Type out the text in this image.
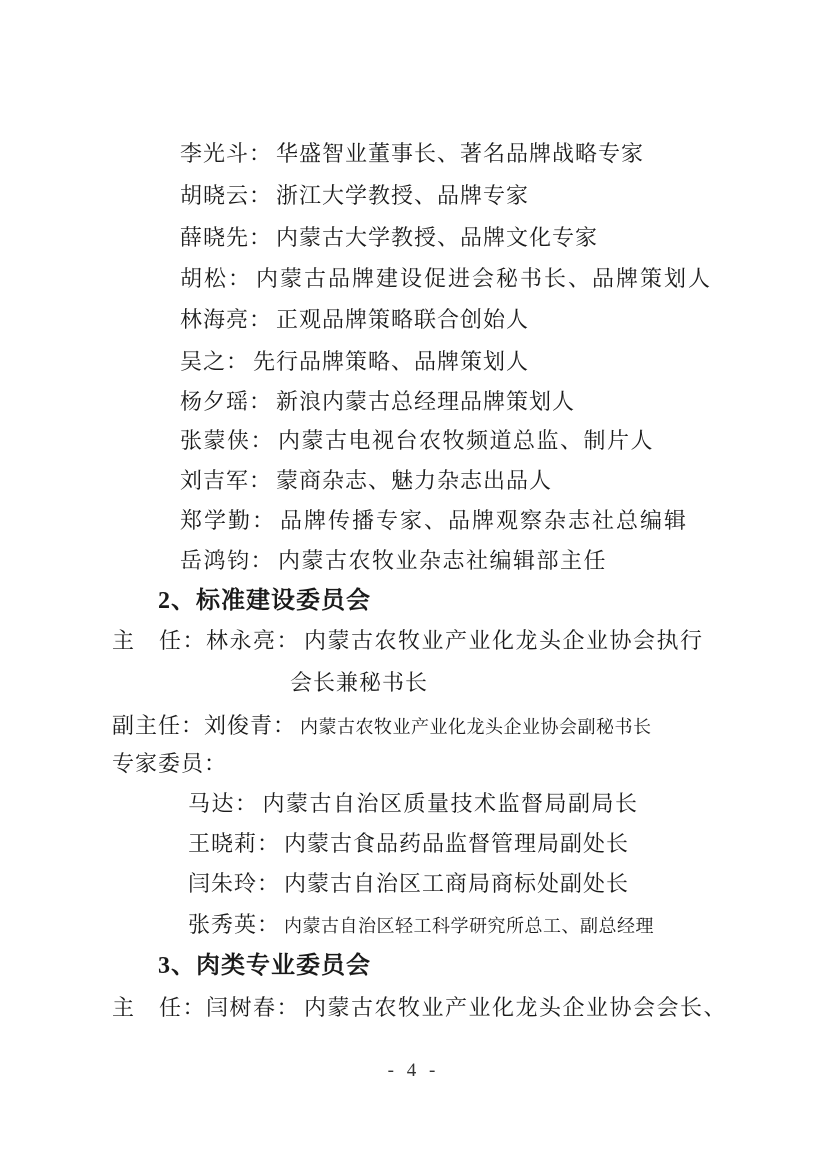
李光斗： 华盛智业董事长、著名品牌战略专家
胡晓云： 浙江大学教授、品牌专家
薛晓先： 内蒙古大学教授、品牌文化专家
胡松： 内蒙古品牌建设促进会秘书长、品牌策划人
林海亮： 正观品牌策略联合创始人
吴之： 先行品牌策略、品牌策划人
杨夕瑶： 新浪内蒙古总经理品牌策划人
张蒙侠： 内蒙古电视台农牧频道总监、制片人
刘吉军： 蒙商杂志、魅力杂志出品人
郑学勤： 品牌传播专家、品牌观察杂志社总编辑
岳鸿钧： 内蒙古农牧业杂志社编辑部主任
2、标准建设委员会
主　任：林永亮： 内蒙古农牧业产业化龙头企业协会执行
会长兼秘书长
副主任：刘俊青： 内蒙古农牧业产业化龙头企业协会副秘书长
专家委员：
马达： 内蒙古自治区质量技术监督局副局长
王晓莉： 内蒙古食品药品监督管理局副处长
闫朱玲： 内蒙古自治区工商局商标处副处长
张秀英： 内蒙古自治区轻工科学研究所总工、副总经理
3、肉类专业委员会
主　任：闫树春： 内蒙古农牧业产业化龙头企业协会会长、
- 4 -
